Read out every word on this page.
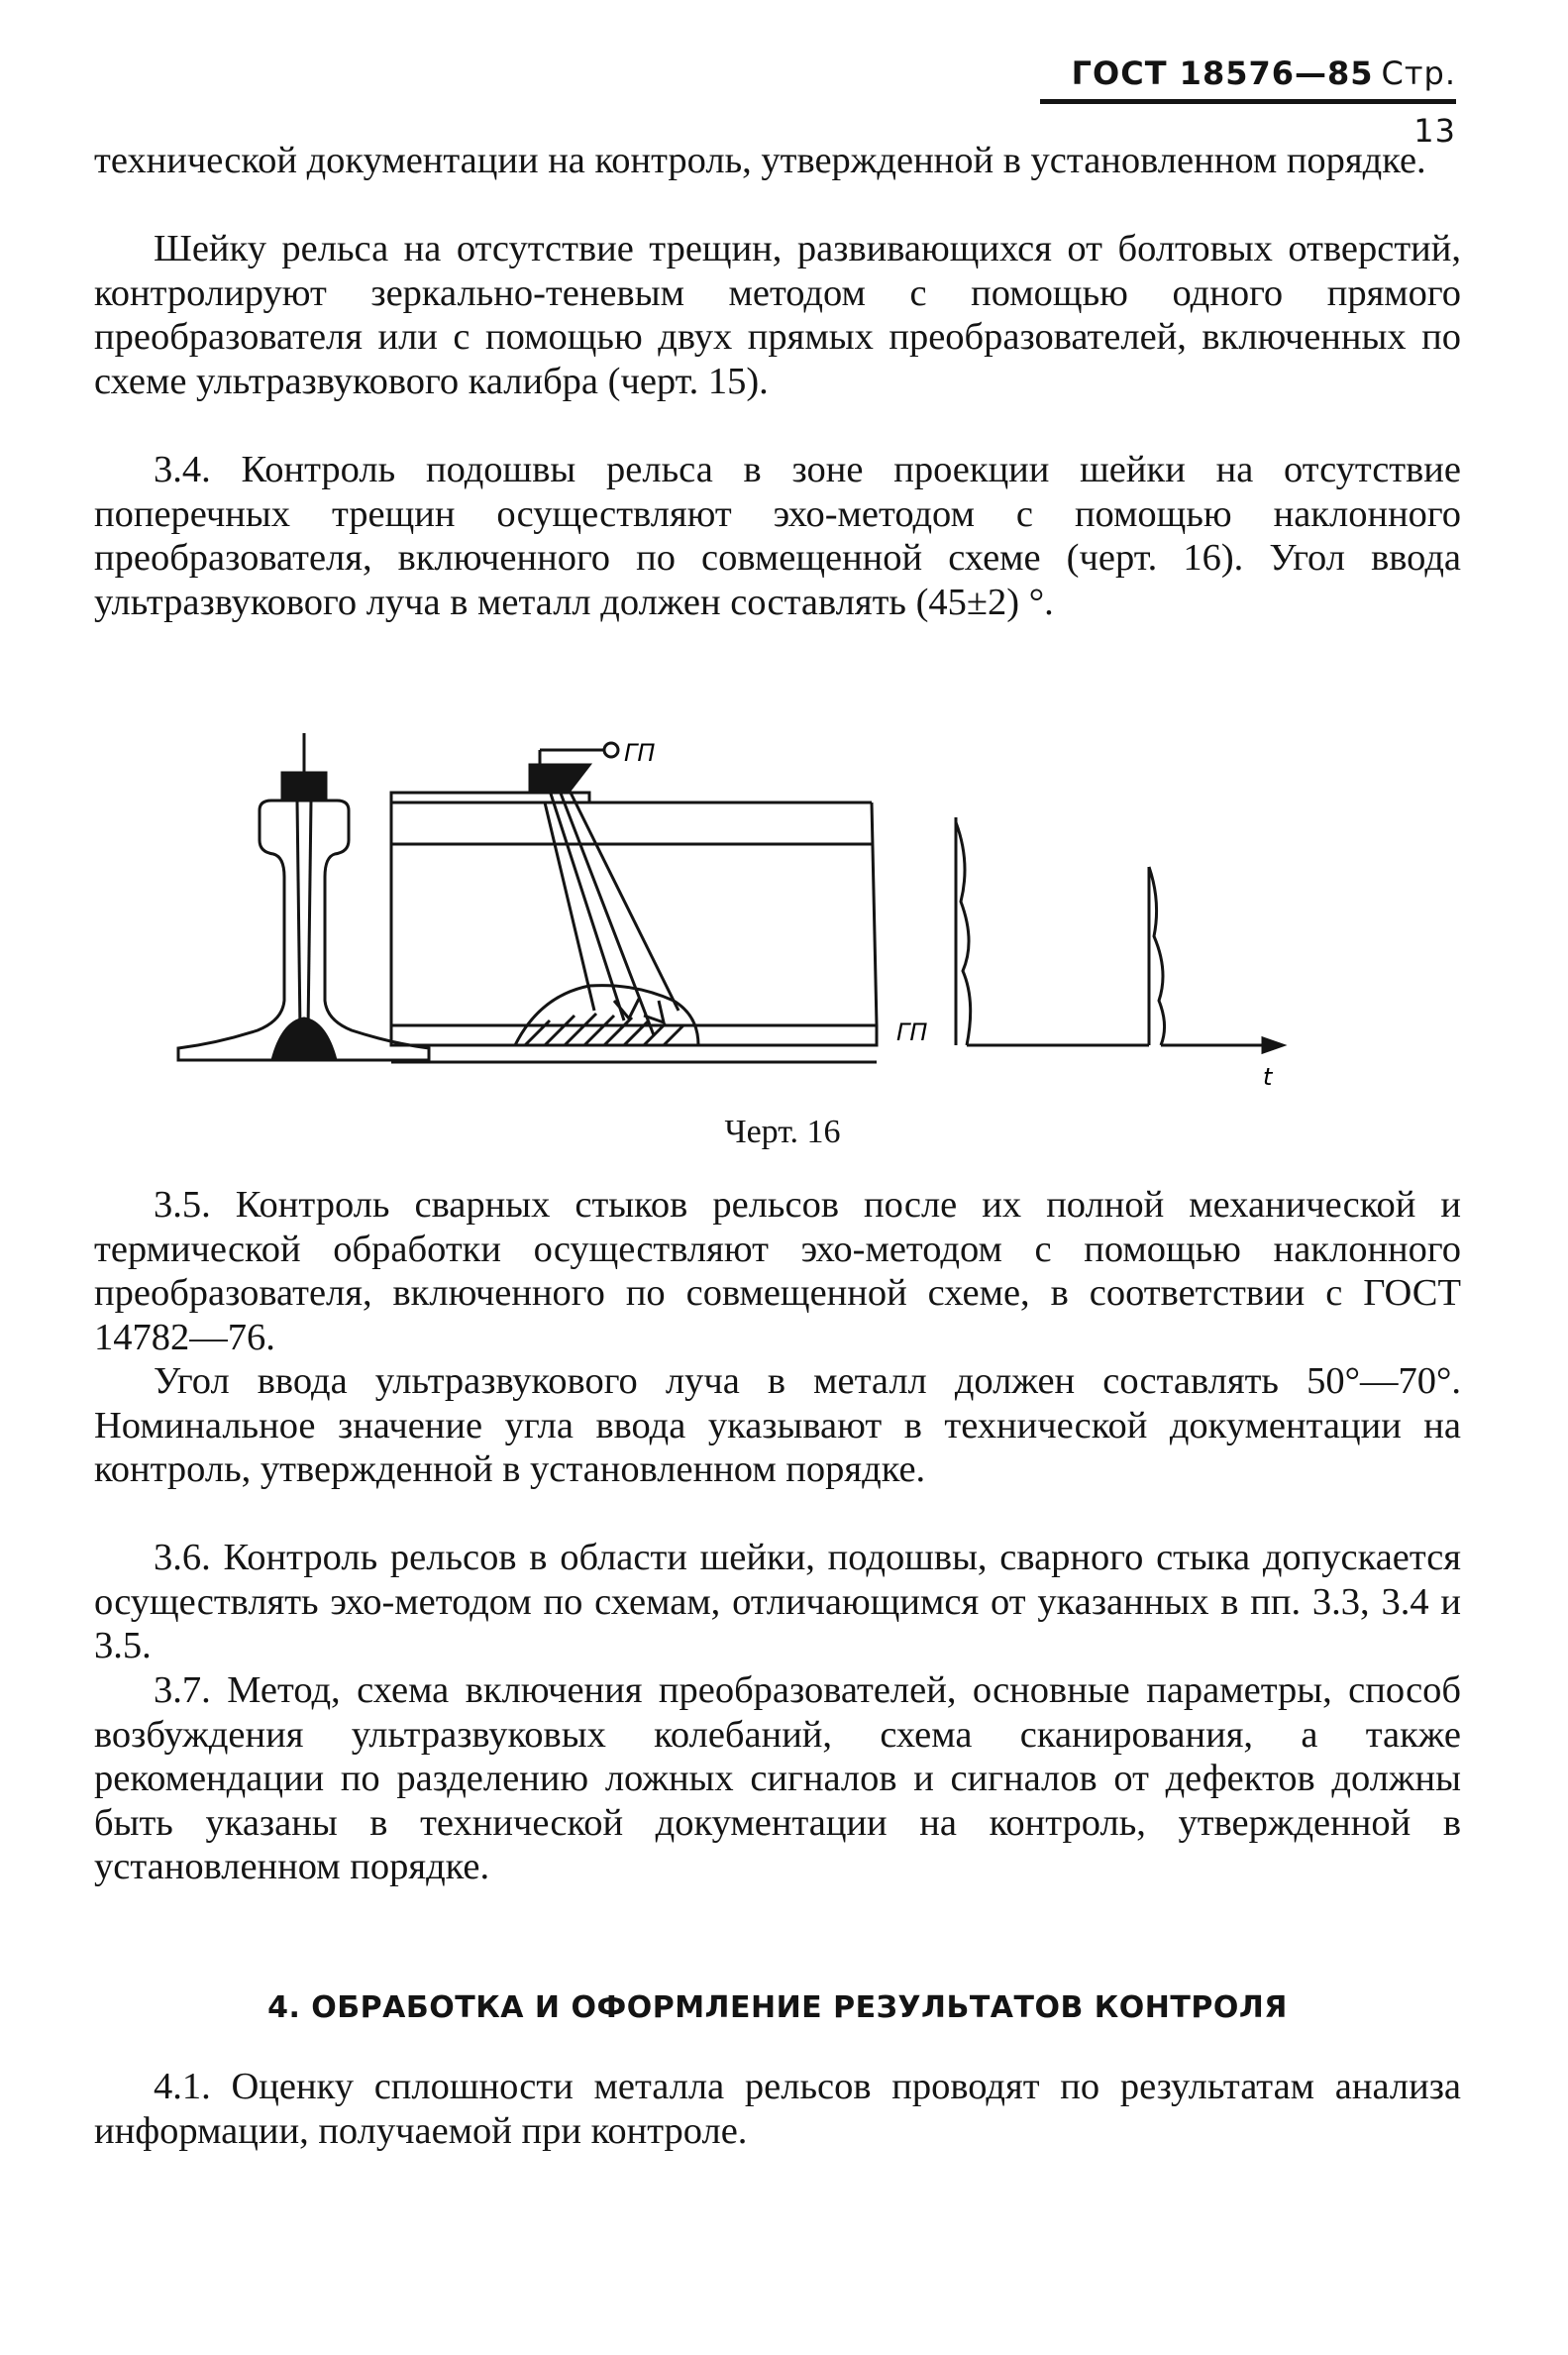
ГОСТ 18576—85 Стр. 13

технической документации на контроль, утвержденной в установленном порядке.

Шейку рельса на отсутствие трещин, развивающихся от болтовых отверстий, контролируют зеркально-теневым методом с помощью одного прямого преобразователя или с помощью двух прямых преобразователей, включенных по схеме ультразвукового калибра (черт. 15).

3.4. Контроль подошвы рельса в зоне проекции шейки на отсутствие поперечных трещин осуществляют эхо-методом с помощью наклонного преобразователя, включенного по совмещенной схеме (черт. 16). Угол ввода ультразвукового луча в металл должен составлять (45±2) °.

ГП
ГП
t
Черт. 16

3.5. Контроль сварных стыков рельсов после их полной механической и термической обработки осуществляют эхо-методом с помощью наклонного преобразователя, включенного по совмещенной схеме, в соответствии с ГОСТ 14782—76.

Угол ввода ультразвукового луча в металл должен составлять 50°—70°. Номинальное значение угла ввода указывают в технической документации на контроль, утвержденной в установленном порядке.

3.6. Контроль рельсов в области шейки, подошвы, сварного стыка допускается осуществлять эхо-методом по схемам, отличающимся от указанных в пп. 3.3, 3.4 и 3.5.

3.7. Метод, схема включения преобразователей, основные параметры, способ возбуждения ультразвуковых колебаний, схема сканирования, а также рекомендации по разделению ложных сигналов и сигналов от дефектов должны быть указаны в технической документации на контроль, утвержденной в установленном порядке.

4. ОБРАБОТКА И ОФОРМЛЕНИЕ РЕЗУЛЬТАТОВ КОНТРОЛЯ

4.1. Оценку сплошности металла рельсов проводят по результатам анализа информации, получаемой при контроле.
